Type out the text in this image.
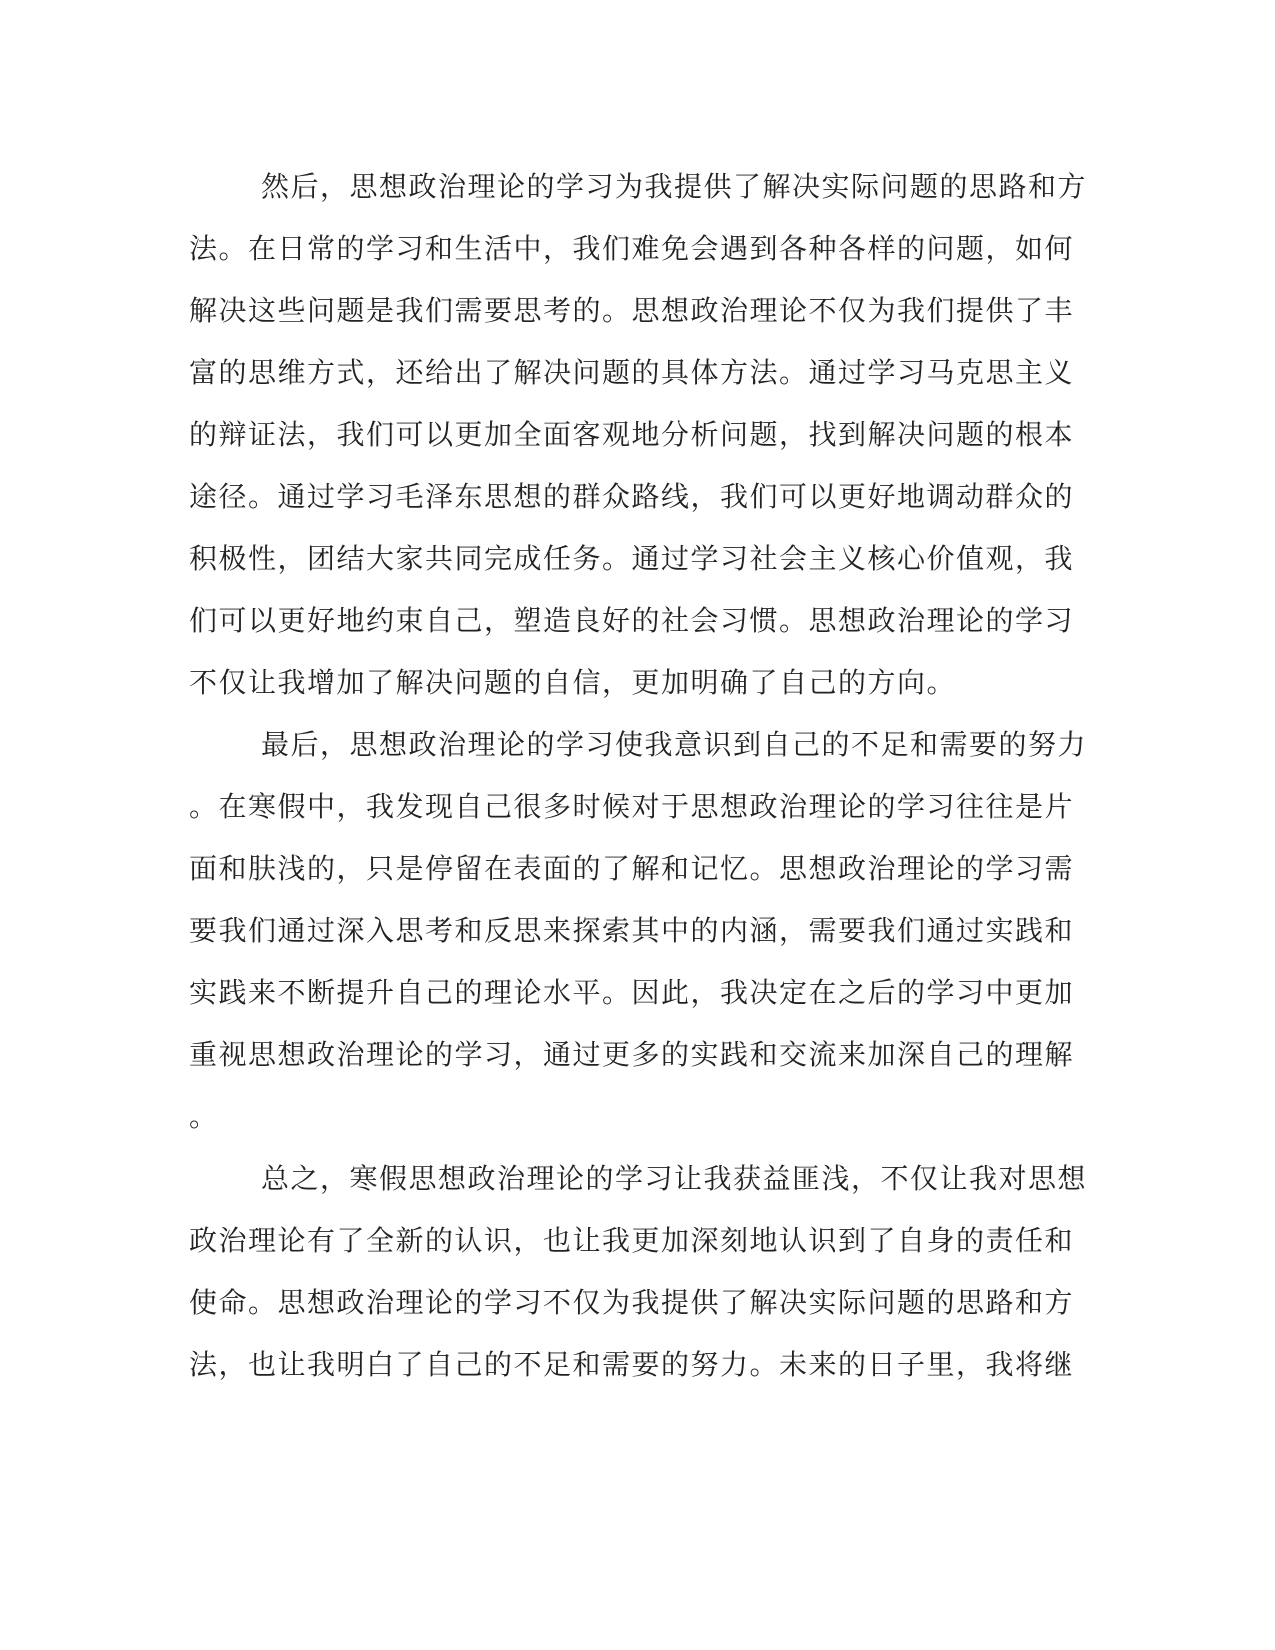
然后，思想政治理论的学习为我提供了解决实际问题的思路和方
法。在日常的学习和生活中，我们难免会遇到各种各样的问题，如何
解决这些问题是我们需要思考的。思想政治理论不仅为我们提供了丰
富的思维方式，还给出了解决问题的具体方法。通过学习马克思主义
的辩证法，我们可以更加全面客观地分析问题，找到解决问题的根本
途径。通过学习毛泽东思想的群众路线，我们可以更好地调动群众的
积极性，团结大家共同完成任务。通过学习社会主义核心价值观，我
们可以更好地约束自己，塑造良好的社会习惯。思想政治理论的学习
不仅让我增加了解决问题的自信，更加明确了自己的方向。
最后，思想政治理论的学习使我意识到自己的不足和需要的努力
。在寒假中，我发现自己很多时候对于思想政治理论的学习往往是片
面和肤浅的，只是停留在表面的了解和记忆。思想政治理论的学习需
要我们通过深入思考和反思来探索其中的内涵，需要我们通过实践和
实践来不断提升自己的理论水平。因此，我决定在之后的学习中更加
重视思想政治理论的学习，通过更多的实践和交流来加深自己的理解
。
总之，寒假思想政治理论的学习让我获益匪浅，不仅让我对思想
政治理论有了全新的认识，也让我更加深刻地认识到了自身的责任和
使命。思想政治理论的学习不仅为我提供了解决实际问题的思路和方
法，也让我明白了自己的不足和需要的努力。未来的日子里，我将继
